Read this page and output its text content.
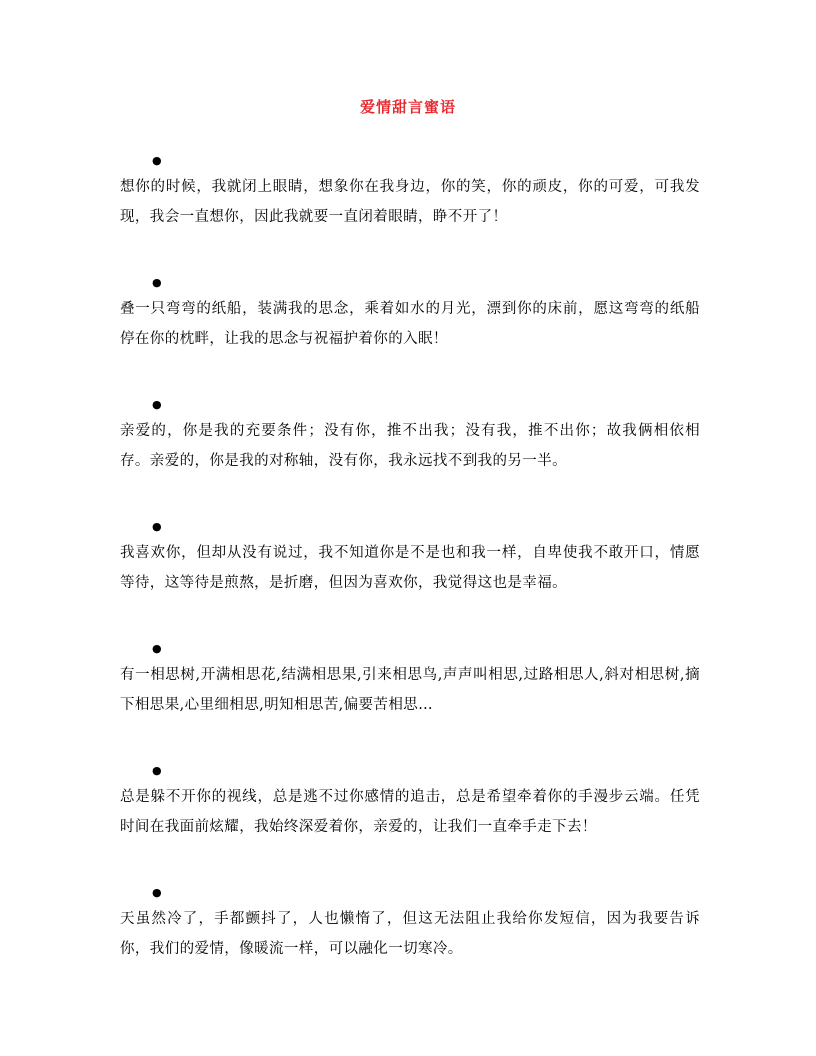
爱情甜言蜜语
●

想你的时候，我就闭上眼睛，想象你在我身边，你的笑，你的顽皮，你的可爱，可我发现，我会一直想你，因此我就要一直闭着眼睛，睁不开了！

●

叠一只弯弯的纸船，装满我的思念，乘着如水的月光，漂到你的床前，愿这弯弯的纸船停在你的枕畔，让我的思念与祝福护着你的入眠！

●

亲爱的，你是我的充要条件；没有你，推不出我；没有我，推不出你；故我俩相依相存。亲爱的，你是我的对称轴，没有你，我永远找不到我的另一半。

●

我喜欢你，但却从没有说过，我不知道你是不是也和我一样，自卑使我不敢开口，情愿等待，这等待是煎熬，是折磨，但因为喜欢你，我觉得这也是幸福。

●

有一相思树,开满相思花,结满相思果,引来相思鸟,声声叫相思,过路相思人,斜对相思树,摘下相思果,心里细相思,明知相思苦,偏要苦相思…

●

总是躲不开你的视线，总是逃不过你感情的追击，总是希望牵着你的手漫步云端。任凭时间在我面前炫耀，我始终深爱着你，亲爱的，让我们一直牵手走下去！

●

天虽然冷了，手都颤抖了，人也懒惰了，但这无法阻止我给你发短信，因为我要告诉你，我们的爱情，像暖流一样，可以融化一切寒冷。
